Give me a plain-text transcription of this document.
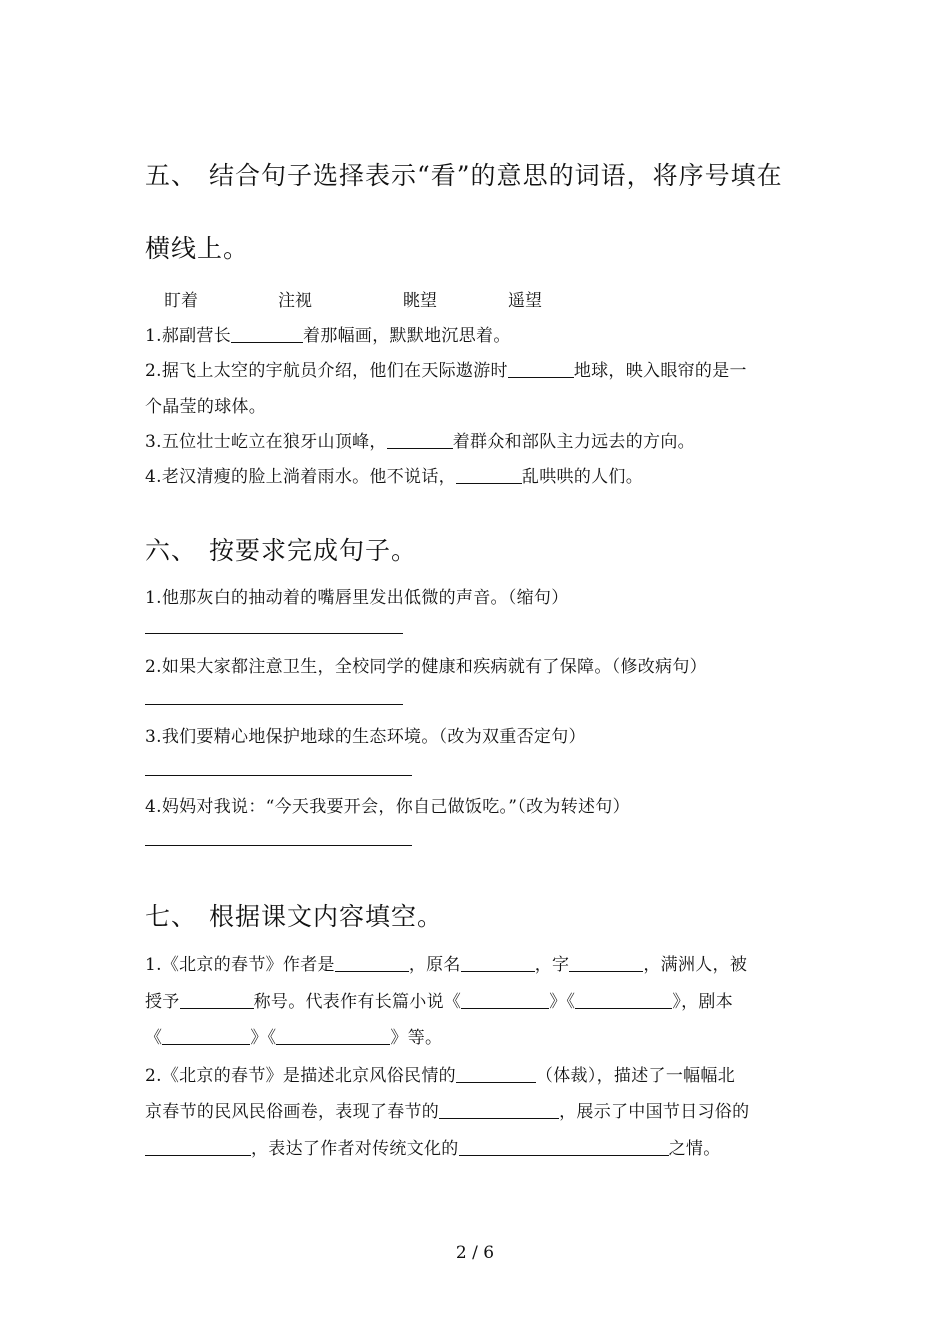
五、 结合句子选择表示“看”的意思的词语，将序号填在
横线上。
盯着	注视	眺望	遥望
1.郝副营长	着那幅画，默默地沉思着。
2.据飞上太空的宇航员介绍，他们在天际遨游时	地球，映入眼帘的是一
个晶莹的球体。
3.五位壮士屹立在狼牙山顶峰，	着群众和部队主力远去的方向。
4.老汉清瘦的脸上淌着雨水。他不说话，	乱哄哄的人们。
六、 按要求完成句子。
1.他那灰白的抽动着的嘴唇里发出低微的声音。（缩句）
2.如果大家都注意卫生，全校同学的健康和疾病就有了保障。（修改病句）
3.我们要精心地保护地球的生态环境。（改为双重否定句）
4.妈妈对我说：“今天我要开会，你自己做饭吃。”（改为转述句）
七、 根据课文内容填空。
1.《北京的春节》作者是	，原名	，字	，满洲人，被
授予	称号。代表作有长篇小说《	》《	》，剧本
《	》《	》等。
2.《北京的春节》是描述北京风俗民情的	（体裁），描述了一幅幅北
京春节的民风民俗画卷，表现了春节的	，展示了中国节日习俗的
，表达了作者对传统文化的	之情。
2 / 6
